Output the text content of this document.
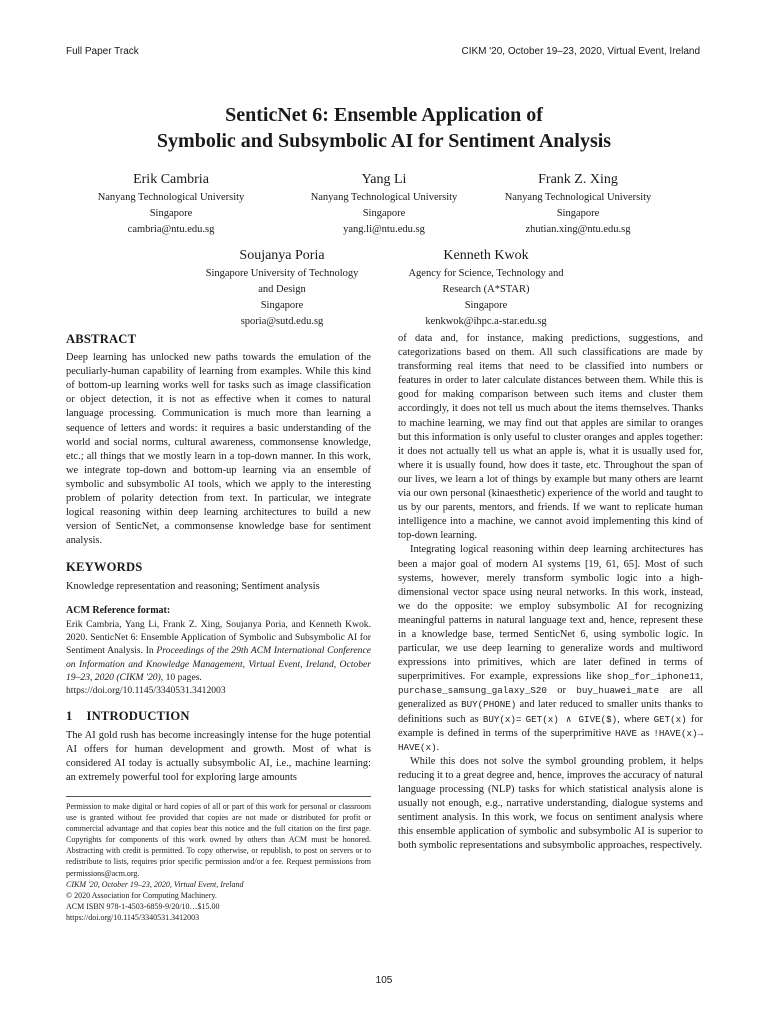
Full Paper Track	CIKM '20, October 19–23, 2020, Virtual Event, Ireland
SenticNet 6: Ensemble Application of
Symbolic and Subsymbolic AI for Sentiment Analysis
Erik Cambria
Nanyang Technological University
Singapore
cambria@ntu.edu.sg
Yang Li
Nanyang Technological University
Singapore
yang.li@ntu.edu.sg
Frank Z. Xing
Nanyang Technological University
Singapore
zhutian.xing@ntu.edu.sg
Soujanya Poria
Singapore University of Technology
and Design
Singapore
sporia@sutd.edu.sg
Kenneth Kwok
Agency for Science, Technology and
Research (A*STAR)
Singapore
kenkwok@ihpc.a-star.edu.sg
ABSTRACT

Deep learning has unlocked new paths towards the emulation of the peculiarly-human capability of learning from examples. While this kind of bottom-up learning works well for tasks such as image classification or object detection, it is not as effective when it comes to natural language processing. Communication is much more than learning a sequence of letters and words: it requires a basic understanding of the world and social norms, cultural awareness, commonsense knowledge, etc.; all things that we mostly learn in a top-down manner. In this work, we integrate top-down and bottom-up learning via an ensemble of symbolic and subsymbolic AI tools, which we apply to the interesting problem of polarity detection from text. In particular, we integrate logical reasoning within deep learning architectures to build a new version of SenticNet, a commonsense knowledge base for sentiment analysis.

KEYWORDS

Knowledge representation and reasoning; Sentiment analysis

ACM Reference format:

Erik Cambria, Yang Li, Frank Z. Xing, Soujanya Poria, and Kenneth Kwok. 2020. SenticNet 6: Ensemble Application of Symbolic and Subsymbolic AI for Sentiment Analysis. In Proceedings of the 29th ACM International Conference on Information and Knowledge Management, Virtual Event, Ireland, October 19–23, 2020 (CIKM '20), 10 pages.

https://doi.org/10.1145/3340531.3412003
1 INTRODUCTION

The AI gold rush has become increasingly intense for the huge potential AI offers for human development and growth. Most of what is considered AI today is actually subsymbolic AI, i.e., machine learning: an extremely powerful tool for exploring large amounts

Permission to make digital or hard copies of all or part of this work for personal or classroom use is granted without fee provided that copies are not made or distributed for profit or commercial advantage and that copies bear this notice and the full citation on the first page. Copyrights for components of this work owned by others than ACM must be honored. Abstracting with credit is permitted. To copy otherwise, or republish, to post on servers or to redistribute to lists, requires prior specific permission and/or a fee. Request permissions from permissions@acm.org.
CIKM '20, October 19–23, 2020, Virtual Event, Ireland
© 2020 Association for Computing Machinery.
ACM ISBN 978-1-4503-6859-9/20/10…$15.00
https://doi.org/10.1145/3340531.3412003

of data and, for instance, making predictions, suggestions, and categorizations based on them. All such classifications are made by transforming real items that need to be classified into numbers or features in order to later calculate distances between them. While this is good for making comparison between such items and cluster them accordingly, it does not tell us much about the items themselves. Thanks to machine learning, we may find out that apples are similar to oranges but this information is only useful to cluster oranges and apples together: it does not actually tell us what an apple is, what it is usually used for, where it is usually found, how does it taste, etc. Throughout the span of our lives, we learn a lot of things by example but many others are learnt via our own personal (kinaesthetic) experience of the world and taught to us by our parents, mentors, and friends. If we want to replicate human intelligence into a machine, we cannot avoid implementing this kind of top-down learning.

Integrating logical reasoning within deep learning architectures has been a major goal of modern AI systems [19, 61, 65]. Most of such systems, however, merely transform symbolic logic into a high-dimensional vector space using neural networks. In this work, instead, we do the opposite: we employ subsymbolic AI for recognizing meaningful patterns in natural language text and, hence, represent these in a knowledge base, termed SenticNet 6, using symbolic logic. In particular, we use deep learning to generalize words and multiword expressions into primitives, which are later defined in terms of superprimitives. For example, expressions like shop_for_iphone11, purchase_samsung_galaxy_S20 or buy_huawei_mate are all generalized as BUY(PHONE) and later reduced to smaller units thanks to definitions such as BUY(x)= GET(x) ∧ GIVE($), where GET(x) for example is defined in terms of the superprimitive HAVE as !HAVE(x)→ HAVE(x).

While this does not solve the symbol grounding problem, it helps reducing it to a great degree and, hence, improves the accuracy of natural language processing (NLP) tasks for which statistical analysis alone is usually not enough, e.g., narrative understanding, dialogue systems and sentiment analysis. In this work, we focus on sentiment analysis where this ensemble application of symbolic and subsymbolic AI is superior to both symbolic representations and subsymbolic approaches, respectively.

105
